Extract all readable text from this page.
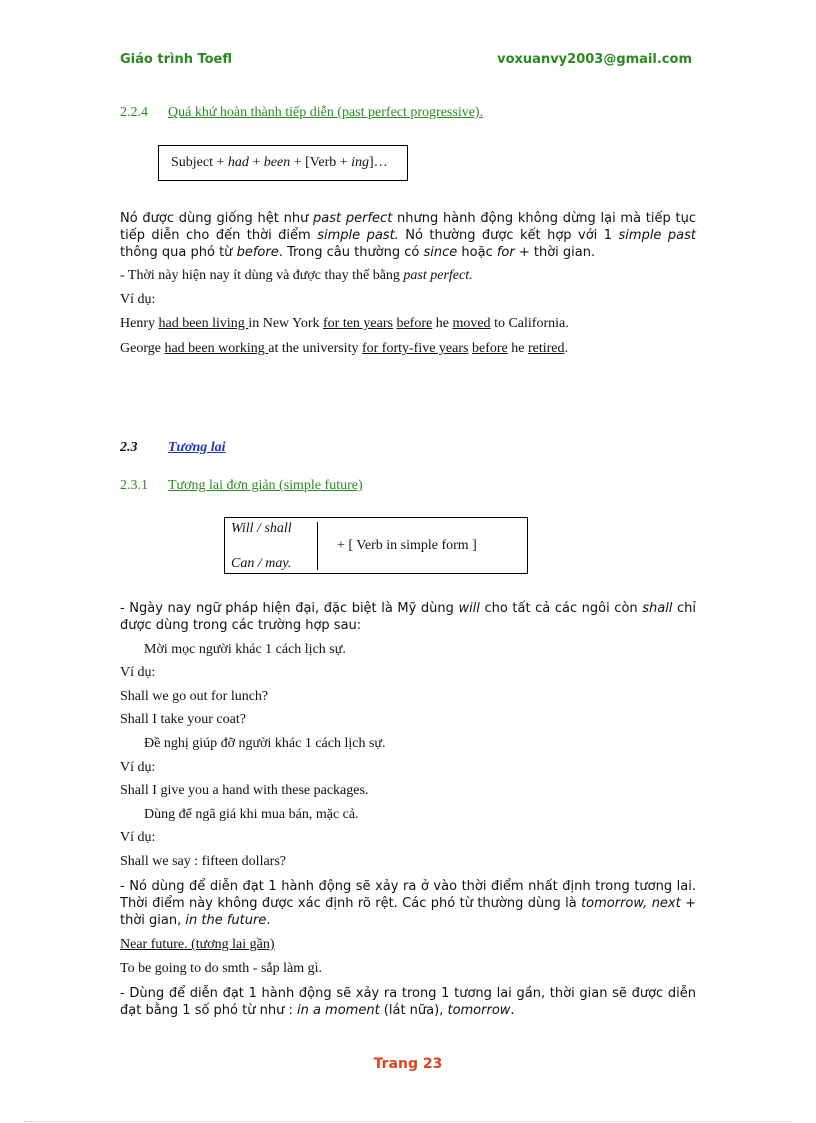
Giáo trình Toefl	voxuanvy2003@gmail.com
2.2.4 Quá khứ hoàn thành tiếp diễn (past perfect progressive).
Subject + had + been + [Verb + ing]…
Nó được dùng giống hệt như past perfect nhưng hành động không dừng lại mà tiếp tục tiếp diễn cho đến thời điểm simple past. Nó thường được kết hợp với 1 simple past thông qua phó từ before. Trong câu thường có since hoặc for + thời gian.
- Thời này hiện nay ít dùng và được thay thế bằng past perfect.
Ví dụ:
Henry had been living in New York for ten years before he moved to California.
George had been working at the university for forty-five years before he retired.
2.3 Tương lai
2.3.1 Tương lai đơn giản (simple future)
Will / shall
Can / may.
+ [ Verb in simple form ]
- Ngày nay ngữ pháp hiện đại, đặc biệt là Mỹ dùng will cho tất cả các ngôi còn shall chỉ được dùng trong các trường hợp sau:
Mời mọc người khác 1 cách lịch sự.
Ví dụ:
Shall we go out for lunch?
Shall I take your coat?
Đề nghị giúp đỡ người khác 1 cách lịch sự.
Ví dụ:
Shall I give you a hand with these packages.
Dùng để ngã giá khi mua bán, mặc cả.
Ví dụ:
Shall we say : fifteen dollars?
- Nó dùng để diễn đạt 1 hành động sẽ xảy ra ở vào thời điểm nhất định trong tương lai. Thời điểm này không được xác định rõ rệt. Các phó từ thường dùng là tomorrow, next + thời gian, in the future.
Near future. (tương lai gần)
To be going to do smth - sắp làm gì.
- Dùng để diễn đạt 1 hành động sẽ xảy ra trong 1 tương lai gần, thời gian sẽ được diễn đạt bằng 1 số phó từ như : in a moment (lát nữa), tomorrow.
Trang 23
